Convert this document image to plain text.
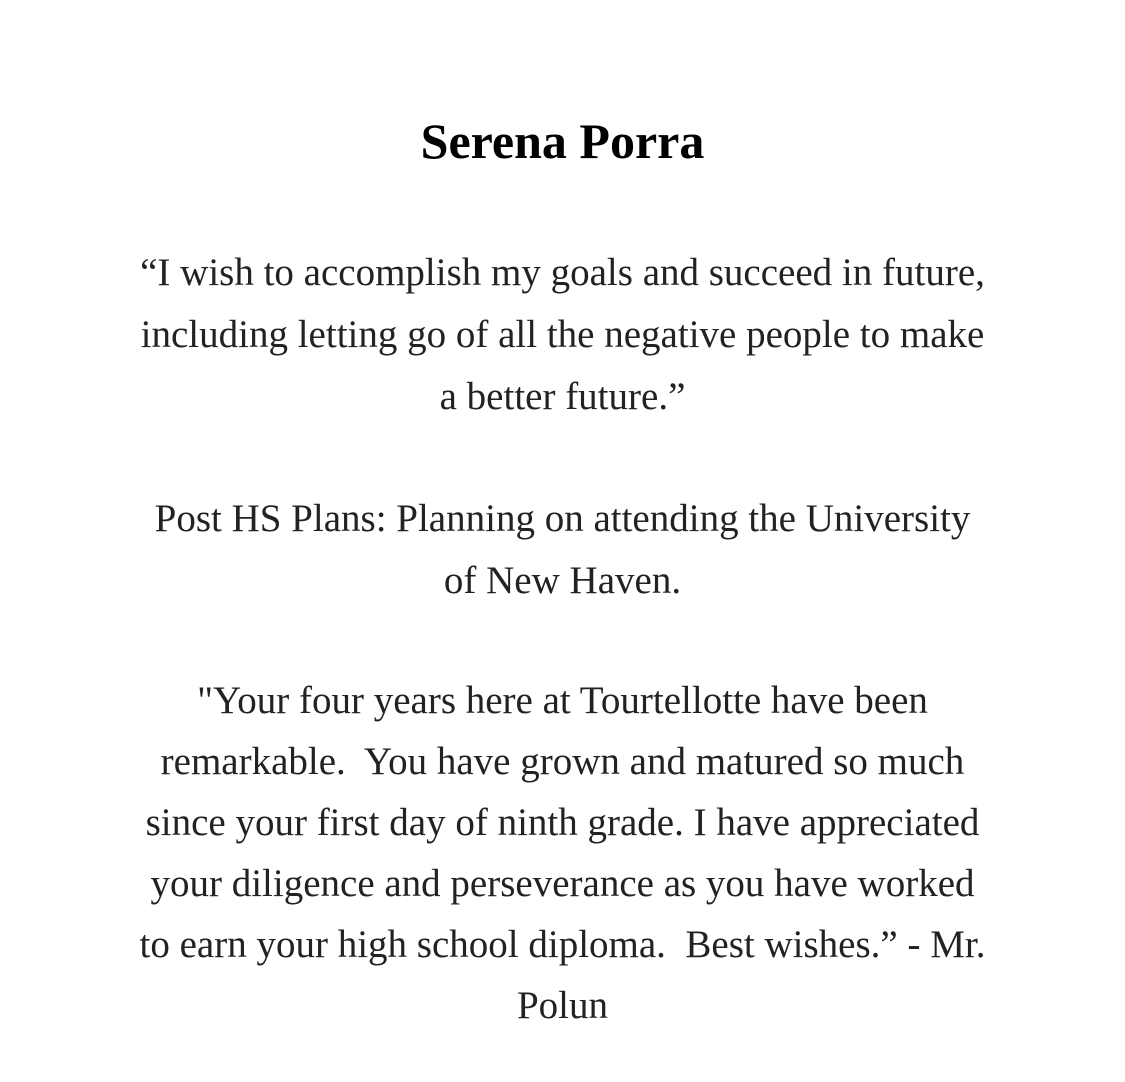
Serena Porra
“I wish to accomplish my goals and succeed in future,
including letting go of all the negative people to make
a better future.”
Post HS Plans: Planning on attending the University
of New Haven.
"Your four years here at Tourtellotte have been
remarkable.  You have grown and matured so much
since your first day of ninth grade. I have appreciated
your diligence and perseverance as you have worked
to earn your high school diploma.  Best wishes.” - Mr.
Polun
